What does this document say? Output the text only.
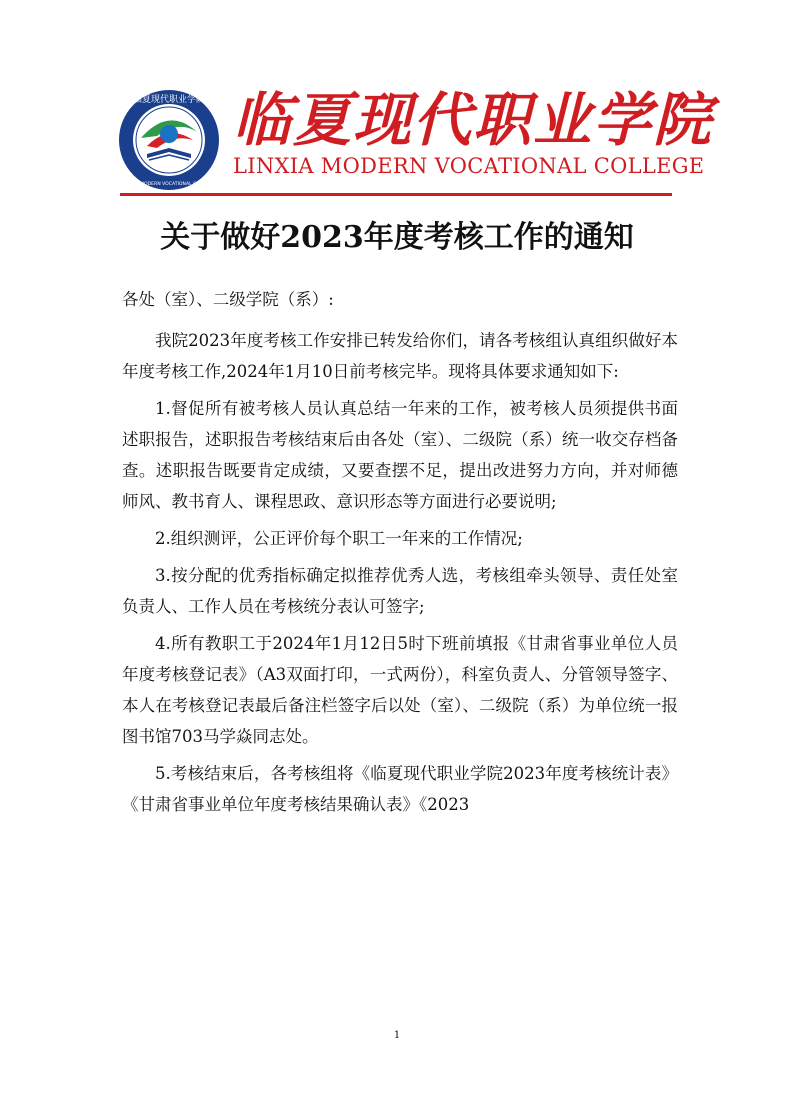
临夏现代职业学院
LINXIA MODERN VOCATIONAL COLLEGE
临夏现代职业学院
LINXIA MODERN VOCATIONAL COLLEGE
关于做好2023年度考核工作的通知

各处（室）、二级学院（系）:

我院2023年度考核工作安排已转发给你们，请各考核组认真组织做好本年度考核工作,2024年1月10日前考核完毕。现将具体要求通知如下:

1.督促所有被考核人员认真总结一年来的工作，被考核人员须提供书面述职报告，述职报告考核结束后由各处（室）、二级院（系）统一收交存档备查。述职报告既要肯定成绩，又要查摆不足，提出改进努力方向，并对师德师风、教书育人、课程思政、意识形态等方面进行必要说明;

2.组织测评，公正评价每个职工一年来的工作情况;

3.按分配的优秀指标确定拟推荐优秀人选，考核组牵头领导、责任处室负责人、工作人员在考核统分表认可签字;

4.所有教职工于2024年1月12日5时下班前填报《甘肃省事业单位人员年度考核登记表》（A3双面打印，一式两份），科室负责人、分管领导签字、本人在考核登记表最后备注栏签字后以处（室）、二级院（系）为单位统一报图书馆703马学焱同志处。

5.考核结束后，各考核组将《临夏现代职业学院2023年度考核统计表》《甘肃省事业单位年度考核结果确认表》《2023

1
